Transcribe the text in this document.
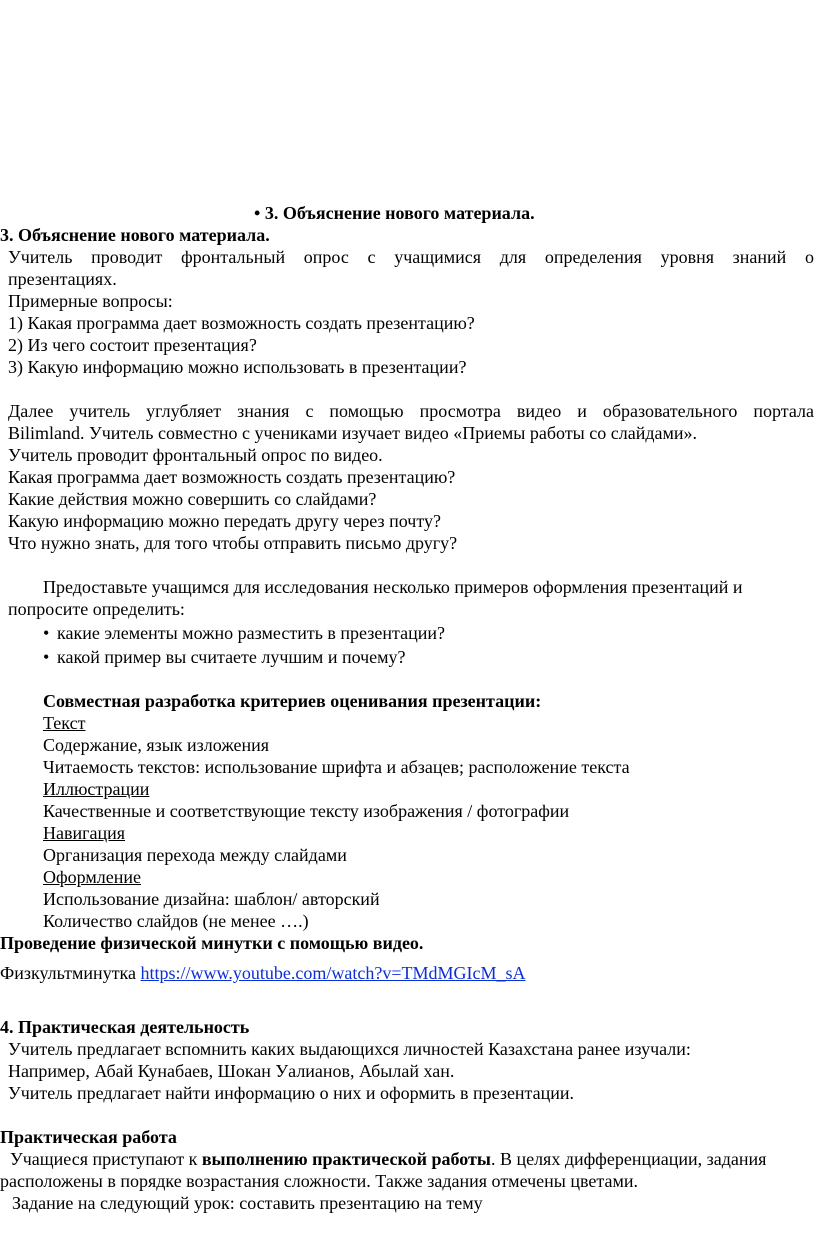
• 3. Объяснение нового материала.
3. Объяснение нового материала.
Учитель проводит фронтальный опрос с учащимися для определения уровня знаний о
презентациях.
Примерные вопросы:
1) Какая программа дает возможность создать презентацию?
2) Из чего состоит презентация?
3) Какую информацию можно использовать в презентации?
Далее учитель углубляет знания с помощью просмотра видео и образовательного портала
Bilimland. Учитель совместно с учениками изучает видео «Приемы работы со слайдами».
Учитель проводит фронтальный опрос по видео.
Какая программа дает возможность создать презентацию?
Какие действия можно совершить со слайдами?
Какую информацию можно передать другу через почту?
Что нужно знать, для того чтобы отправить письмо другу?
Предоставьте учащимся для исследования несколько примеров оформления презентаций и
попросите определить:
• какие элементы можно разместить в презентации?
• какой пример вы считаете лучшим и почему?
Совместная разработка критериев оценивания презентации:
Текст
Содержание, язык изложения
Читаемость текстов: использование шрифта и абзацев; расположение текста
Иллюстрации
Качественные и соответствующие тексту изображения / фотографии
Навигация
Организация перехода между слайдами
Оформление
Использование дизайна: шаблон/ авторский
Количество слайдов (не менее ….)
Проведение физической минутки с помощью видео.
Физкультминутка https://www.youtube.com/watch?v=TMdMGIcM_sA
4. Практическая деятельность
Учитель предлагает вспомнить каких выдающихся личностей Казахстана ранее изучали:
Например, Абай Кунабаев, Шокан Уалианов, Абылай хан.
Учитель предлагает найти информацию о них и оформить в презентации.
Практическая работа
Учащиеся приступают к выполнению практической работы. В целях дифференциации, задания
расположены в порядке возрастания сложности. Также задания отмечены цветами.
Задание на следующий урок: составить презентацию на тему
